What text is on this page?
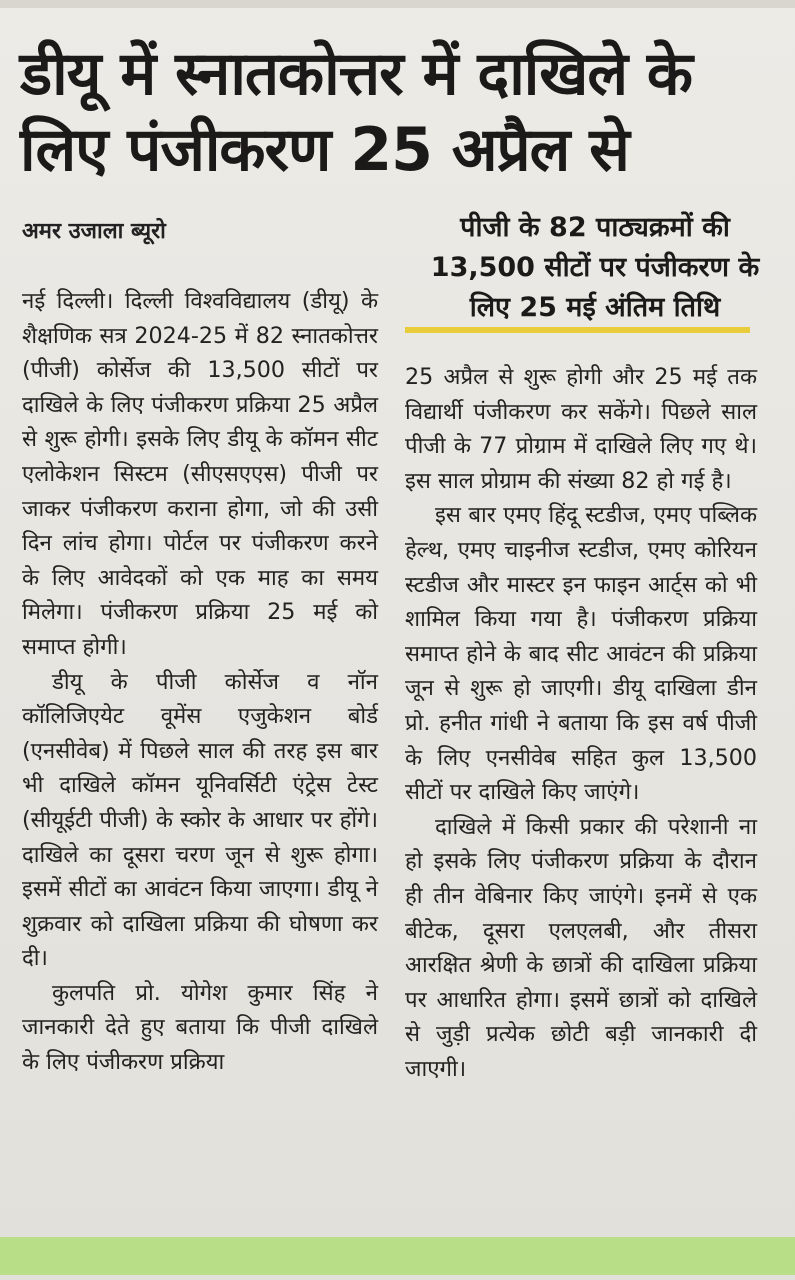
डीयू में स्नातकोत्तर में दाखिले के लिए पंजीकरण 25 अप्रैल से
अमर उजाला ब्यूरो	पीजी के 82 पाठ्यक्रमों की 13,500 सीटों पर पंजीकरण के लिए 25 मई अंतिम तिथि

नई दिल्ली। दिल्ली विश्वविद्यालय (डीयू) के शैक्षणिक सत्र 2024-25 में 82 स्नातकोत्तर (पीजी) कोर्सेज की 13,500 सीटों पर दाखिले के लिए पंजीकरण प्रक्रिया 25 अप्रैल से शुरू होगी। इसके लिए डीयू के कॉमन सीट एलोकेशन सिस्टम (सीएसएएस) पीजी पर जाकर पंजीकरण कराना होगा, जो की उसी दिन लांच होगा। पोर्टल पर पंजीकरण करने के लिए आवेदकों को एक माह का समय मिलेगा। पंजीकरण प्रक्रिया 25 मई को समाप्त होगी।

डीयू के पीजी कोर्सेज व नॉन कॉलिजिएयेट वूमेंस एजुकेशन बोर्ड (एनसीवेब) में पिछले साल की तरह इस बार भी दाखिले कॉमन यूनिवर्सिटी एंट्रेस टेस्ट (सीयूईटी पीजी) के स्कोर के आधार पर होंगे। दाखिले का दूसरा चरण जून से शुरू होगा। इसमें सीटों का आवंटन किया जाएगा। डीयू ने शुक्रवार को दाखिला प्रक्रिया की घोषणा कर दी।

कुलपति प्रो. योगेश कुमार सिंह ने जानकारी देते हुए बताया कि पीजी दाखिले के लिए पंजीकरण प्रक्रिया

25 अप्रैल से शुरू होगी और 25 मई तक विद्यार्थी पंजीकरण कर सकेंगे। पिछले साल पीजी के 77 प्रोग्राम में दाखिले लिए गए थे। इस साल प्रोग्राम की संख्या 82 हो गई है।

इस बार एमए हिंदू स्टडीज, एमए पब्लिक हेल्थ, एमए चाइनीज स्टडीज, एमए कोरियन स्टडीज और मास्टर इन फाइन आर्ट्स को भी शामिल किया गया है। पंजीकरण प्रक्रिया समाप्त होने के बाद सीट आवंटन की प्रक्रिया जून से शुरू हो जाएगी। डीयू दाखिला डीन प्रो. हनीत गांधी ने बताया कि इस वर्ष पीजी के लिए एनसीवेब सहित कुल 13,500 सीटों पर दाखिले किए जाएंगे।

दाखिले में किसी प्रकार की परेशानी ना हो इसके लिए पंजीकरण प्रक्रिया के दौरान ही तीन वेबिनार किए जाएंगे। इनमें से एक बीटेक, दूसरा एलएलबी, और तीसरा आरक्षित श्रेणी के छात्रों की दाखिला प्रक्रिया पर आधारित होगा। इसमें छात्रों को दाखिले से जुड़ी प्रत्येक छोटी बड़ी जानकारी दी जाएगी।
